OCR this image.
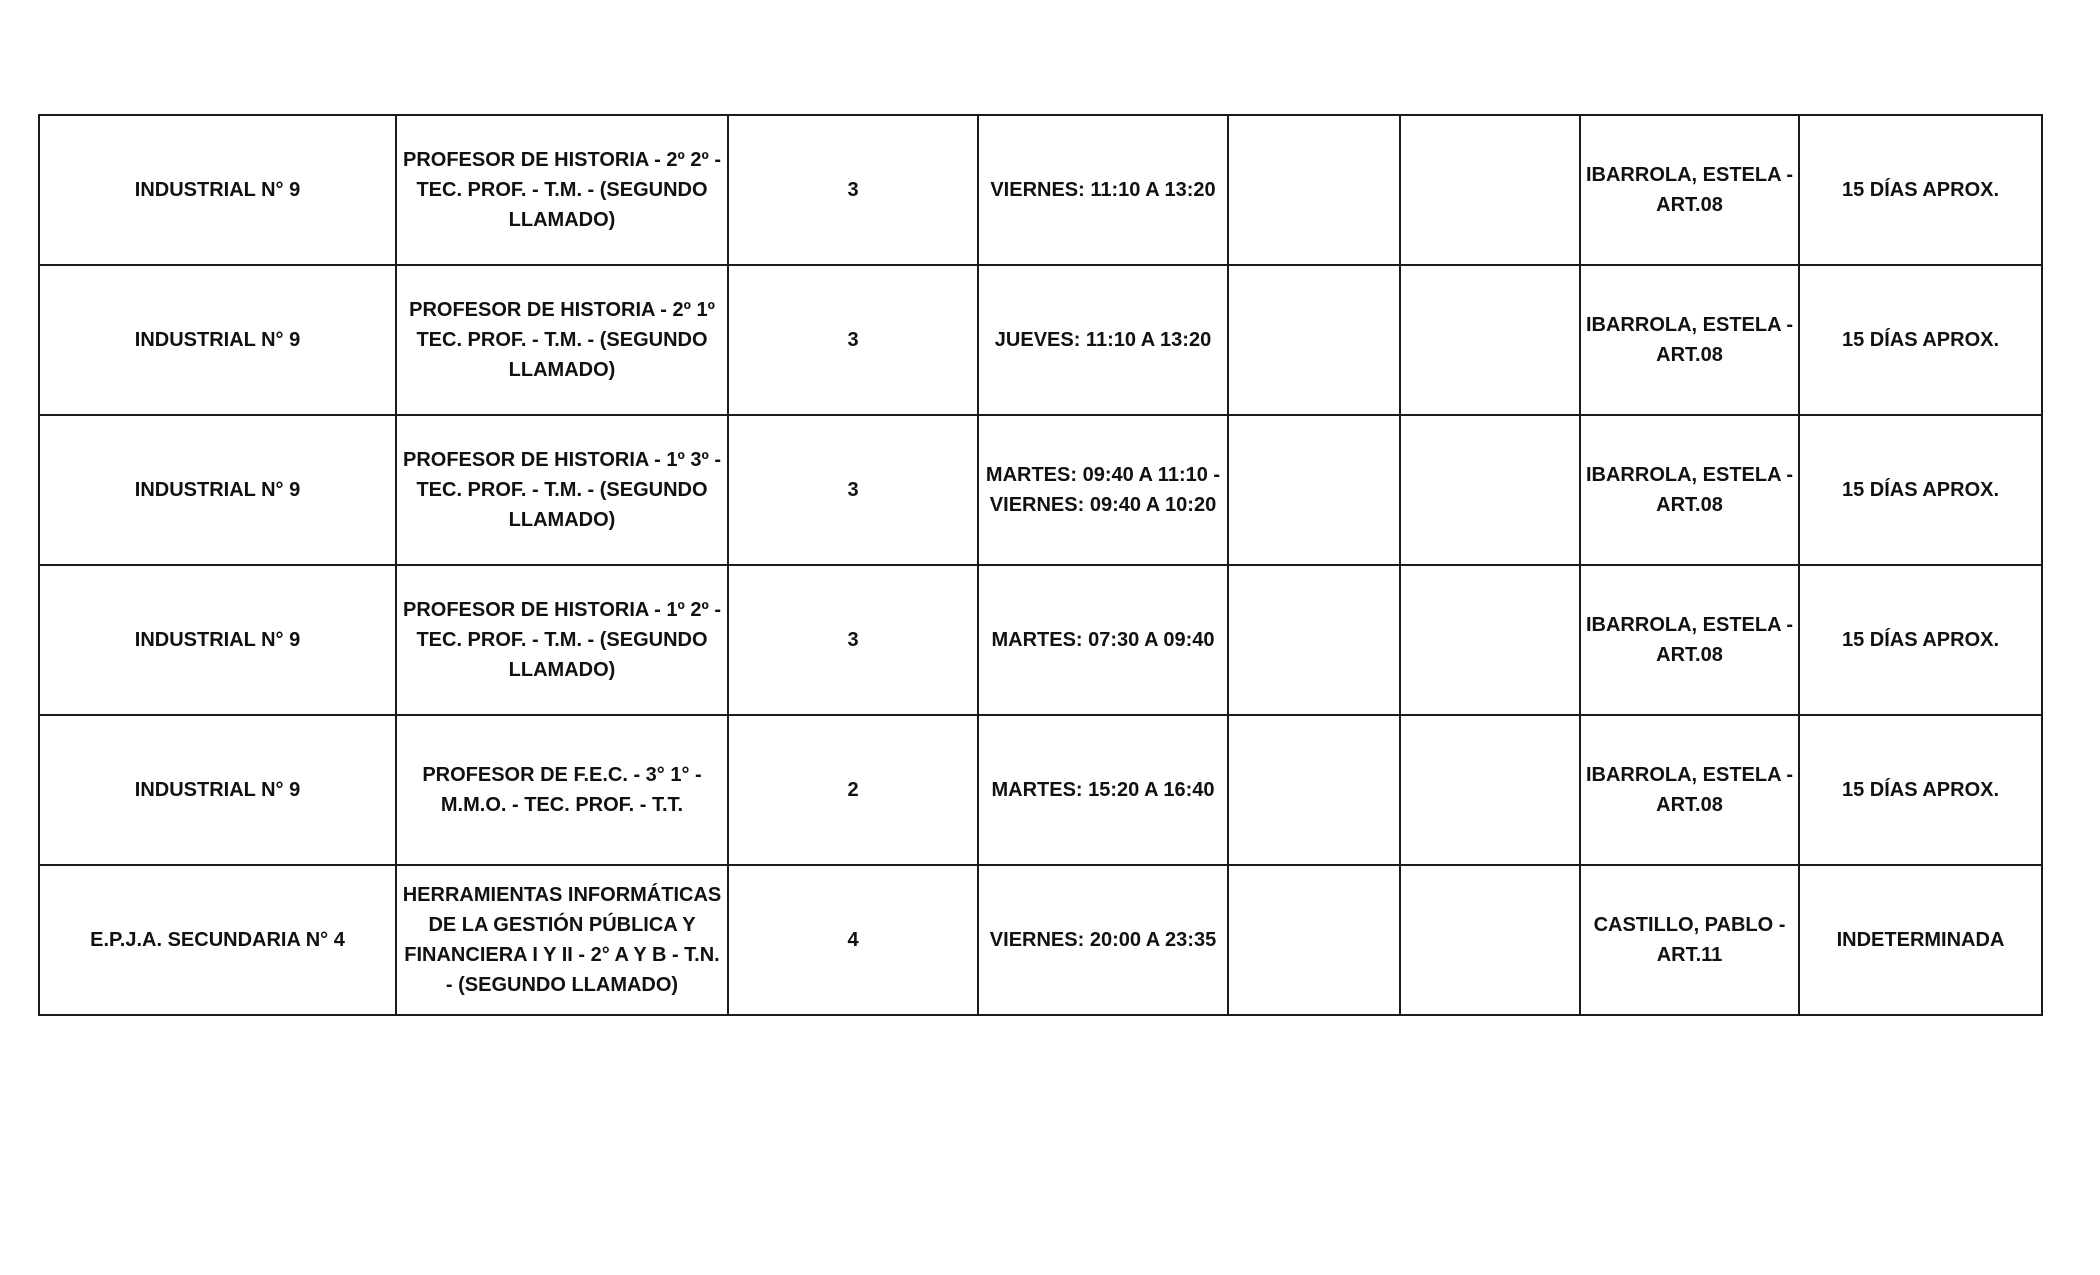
INDUSTRIAL N° 9	PROFESOR DE HISTORIA - 2º 2º - TEC. PROF. - T.M. - (SEGUNDO LLAMADO)	3	VIERNES: 11:10 A 13:20			IBARROLA, ESTELA - ART.08	15 DÍAS APROX.
INDUSTRIAL N° 9	PROFESOR DE HISTORIA - 2º 1º TEC. PROF. - T.M. - (SEGUNDO LLAMADO)	3	JUEVES: 11:10 A 13:20			IBARROLA, ESTELA - ART.08	15 DÍAS APROX.
INDUSTRIAL N° 9	PROFESOR DE HISTORIA - 1º 3º - TEC. PROF. - T.M. - (SEGUNDO LLAMADO)	3	MARTES: 09:40 A 11:10 - VIERNES: 09:40 A 10:20			IBARROLA, ESTELA - ART.08	15 DÍAS APROX.
INDUSTRIAL N° 9	PROFESOR DE HISTORIA - 1º 2º - TEC. PROF. - T.M. - (SEGUNDO LLAMADO)	3	MARTES: 07:30 A 09:40			IBARROLA, ESTELA - ART.08	15 DÍAS APROX.
INDUSTRIAL N° 9	PROFESOR DE F.E.C. - 3° 1° - M.M.O. - TEC. PROF. - T.T.	2	MARTES: 15:20 A 16:40			IBARROLA, ESTELA - ART.08	15 DÍAS APROX.
E.P.J.A. SECUNDARIA N° 4	HERRAMIENTAS INFORMÁTICAS DE LA GESTIÓN PÚBLICA Y FINANCIERA I Y II - 2° A Y B - T.N. - (SEGUNDO LLAMADO)	4	VIERNES: 20:00 A 23:35			CASTILLO, PABLO - ART.11	INDETERMINADA
